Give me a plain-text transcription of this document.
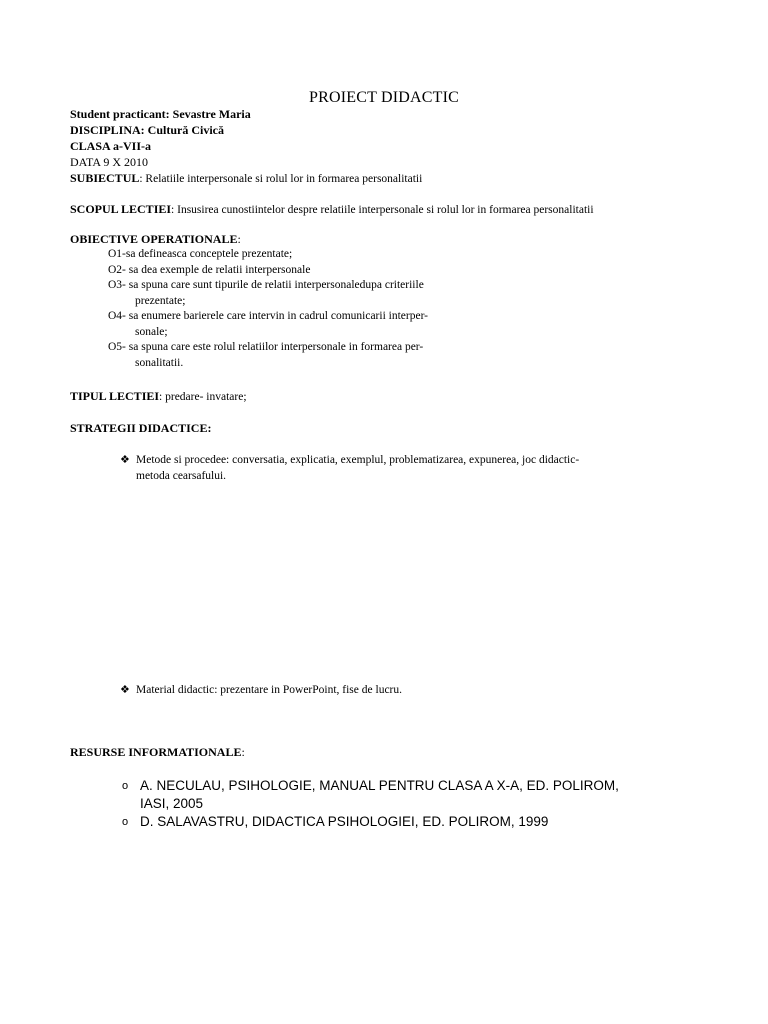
PROIECT DIDACTIC
Student practicant: Sevastre Maria
DISCIPLINA: Cultură Civică
CLASA a-VII-a
DATA 9 X 2010
SUBIECTUL: Relatiile interpersonale si rolul lor in formarea personalitatii
SCOPUL LECTIEI: Insusirea cunostiintelor despre relatiile interpersonale si rolul lor in formarea personalitatii
OBIECTIVE OPERATIONALE:
O1-sa defineasca conceptele prezentate;
O2- sa dea exemple de relatii interpersonale
O3- sa spuna care sunt tipurile de relatii interpersonaledupa criteriile
prezentate;
O4- sa enumere barierele care intervin in cadrul comunicarii interper-
sonale;
O5- sa spuna care este rolul relatiilor interpersonale in formarea per-
sonalitatii.
TIPUL LECTIEI: predare- invatare;
STRATEGII DIDACTICE:
❖ Metode si procedee: conversatia, explicatia, exemplul, problematizarea, expunerea, joc didactic-
metoda cearsafului.
❖ Material didactic: prezentare in PowerPoint, fise de lucru.
RESURSE INFORMATIONALE:
o A. NECULAU, PSIHOLOGIE, MANUAL PENTRU CLASA A X-A, ED. POLIROM,
IASI, 2005
o D. SALAVASTRU, DIDACTICA PSIHOLOGIEI, ED. POLIROM, 1999
